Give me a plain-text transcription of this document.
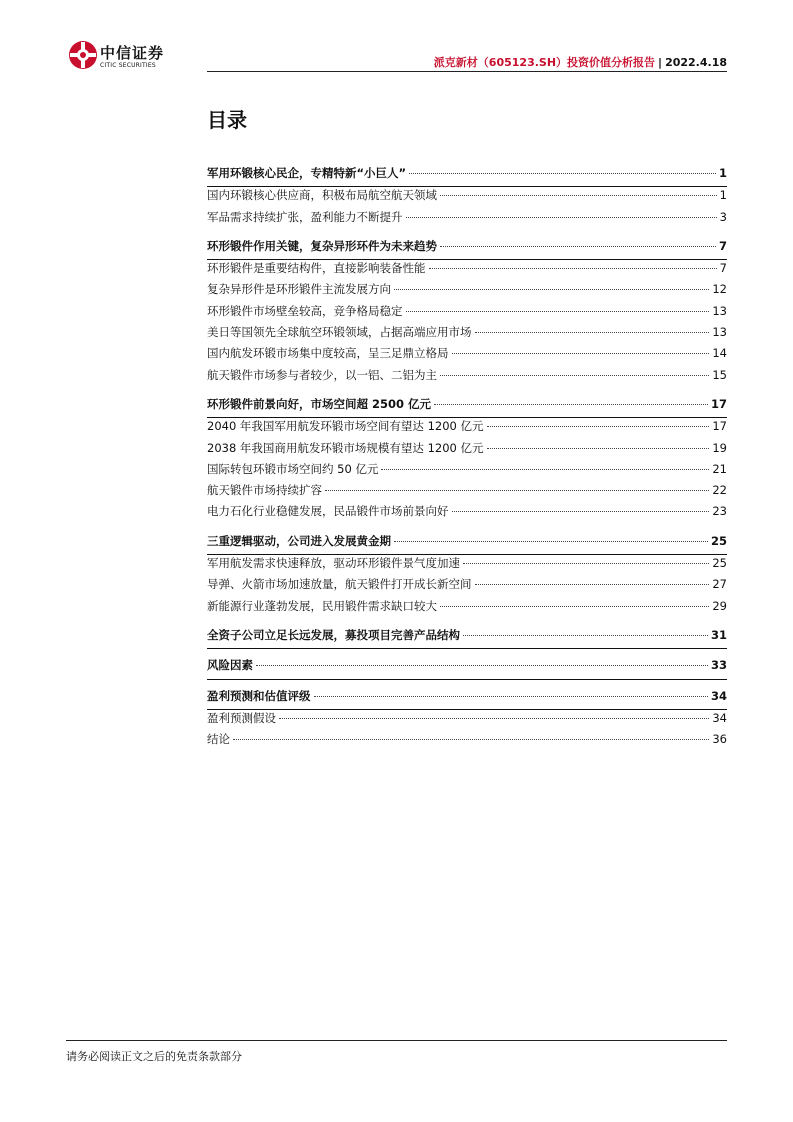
中信证券
CITIC SECURITIES	派克新材（605123.SH）投资价值分析报告 | 2022.4.18
目录
军用环锻核心民企，专精特新“小巨人”	1
国内环锻核心供应商，积极布局航空航天领域	1
军品需求持续扩张，盈利能力不断提升	3
环形锻件作用关键，复杂异形环件为未来趋势	7
环形锻件是重要结构件，直接影响装备性能	7
复杂异形件是环形锻件主流发展方向	12
环形锻件市场壁垒较高，竞争格局稳定	13
美日等国领先全球航空环锻领域，占据高端应用市场	13
国内航发环锻市场集中度较高，呈三足鼎立格局	14
航天锻件市场参与者较少，以一铝、二铝为主	15
环形锻件前景向好，市场空间超 2500 亿元	17
2040 年我国军用航发环锻市场空间有望达 1200 亿元	17
2038 年我国商用航发环锻市场规模有望达 1200 亿元	19
国际转包环锻市场空间约 50 亿元	21
航天锻件市场持续扩容	22
电力石化行业稳健发展，民品锻件市场前景向好	23
三重逻辑驱动，公司进入发展黄金期	25
军用航发需求快速释放，驱动环形锻件景气度加速	25
导弹、火箭市场加速放量，航天锻件打开成长新空间	27
新能源行业蓬勃发展，民用锻件需求缺口较大	29
全资子公司立足长远发展，募投项目完善产品结构	31
风险因素	33
盈利预测和估值评级	34
盈利预测假设	34
结论	36
请务必阅读正文之后的免责条款部分
